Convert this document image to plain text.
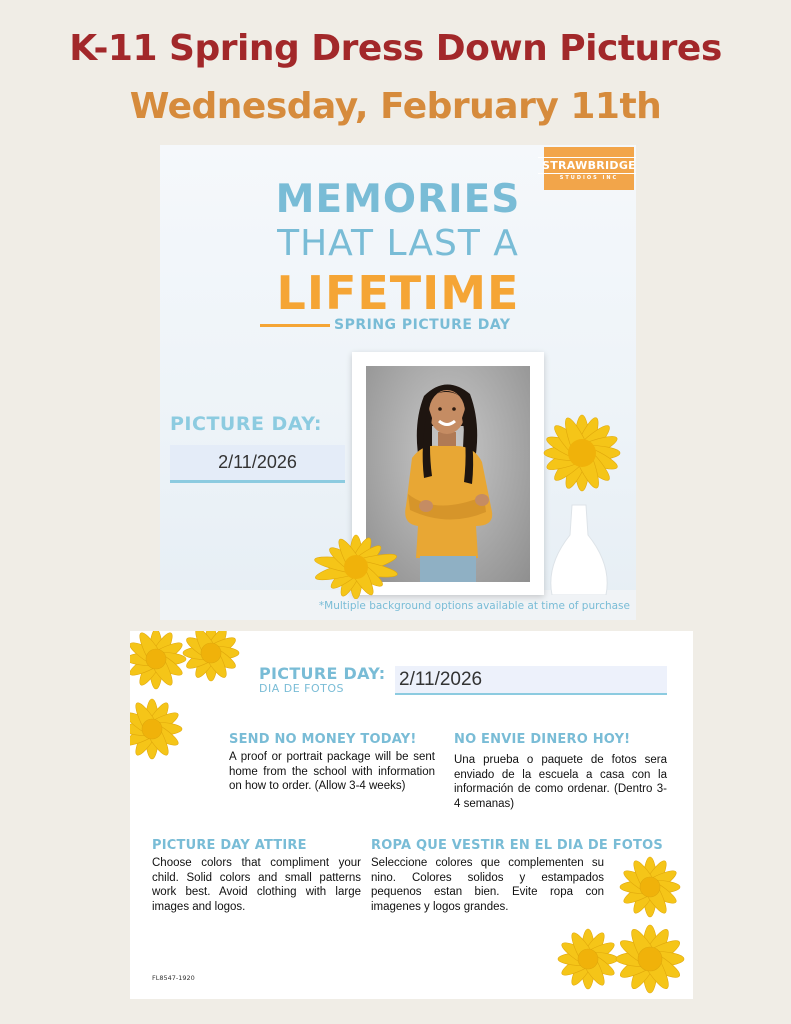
K-11 Spring Dress Down Pictures
Wednesday, February 11th
STRAWBRIDGE
STUDIOS INC
MEMORIES
THAT LAST A
LIFETIME
SPRING PICTURE DAY
PICTURE DAY:
2/11/2026
*Multiple background options available at time of purchase
PICTURE DAY:
DIA DE FOTOS	2/11/2026
SEND NO MONEY TODAY!
A proof or portrait package will be sent home from the school with information on how to order. (Allow 3-4 weeks)
NO ENVIE DINERO HOY!
Una prueba o paquete de fotos sera enviado de la escuela a casa con la información de como ordenar. (Dentro 3-4 semanas)
PICTURE DAY ATTIRE
Choose colors that compliment your child. Solid colors and small patterns work best. Avoid clothing with large images and logos.
ROPA QUE VESTIR EN EL DIA DE FOTOS
Seleccione colores que complementen su nino. Colores solidos y estampados pequenos estan bien. Evite ropa con imagenes y logos grandes.
FL8547-1920
